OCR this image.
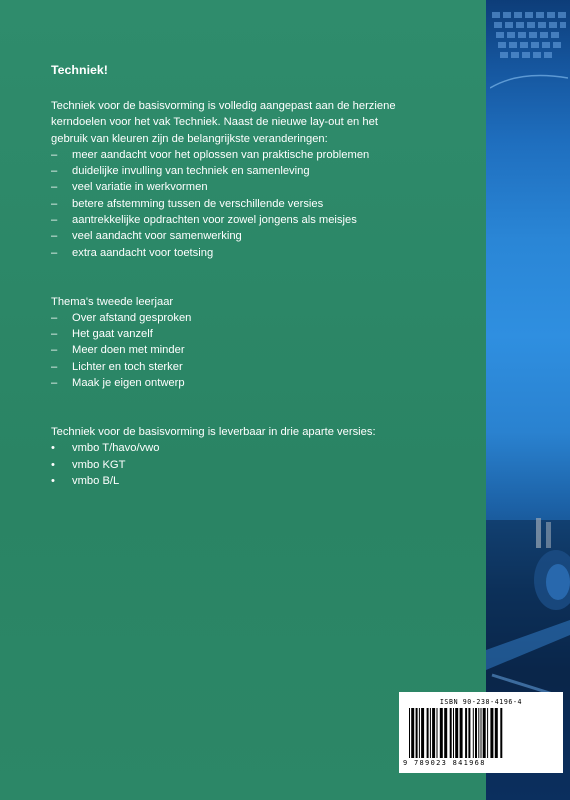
Techniek!

Techniek voor de basisvorming is volledig aangepast aan de herziene
kerndoelen voor het vak Techniek. Naast de nieuwe lay-out en het
gebruik van kleuren zijn de belangrijkste veranderingen:

– meer aandacht voor het oplossen van praktische problemen
– duidelijke invulling van techniek en samenleving
– veel variatie in werkvormen
– betere afstemming tussen de verschillende versies
– aantrekkelijke opdrachten voor zowel jongens als meisjes
– veel aandacht voor samenwerking
– extra aandacht voor toetsing

Thema's tweede leerjaar

– Over afstand gesproken
– Het gaat vanzelf
– Meer doen met minder
– Lichter en toch sterker
– Maak je eigen ontwerp

Techniek voor de basisvorming is leverbaar in drie aparte versies:

• vmbo T/havo/vwo
• vmbo KGT
• vmbo B/L
ISBN 90-238-4196-4
9 789023 841968
